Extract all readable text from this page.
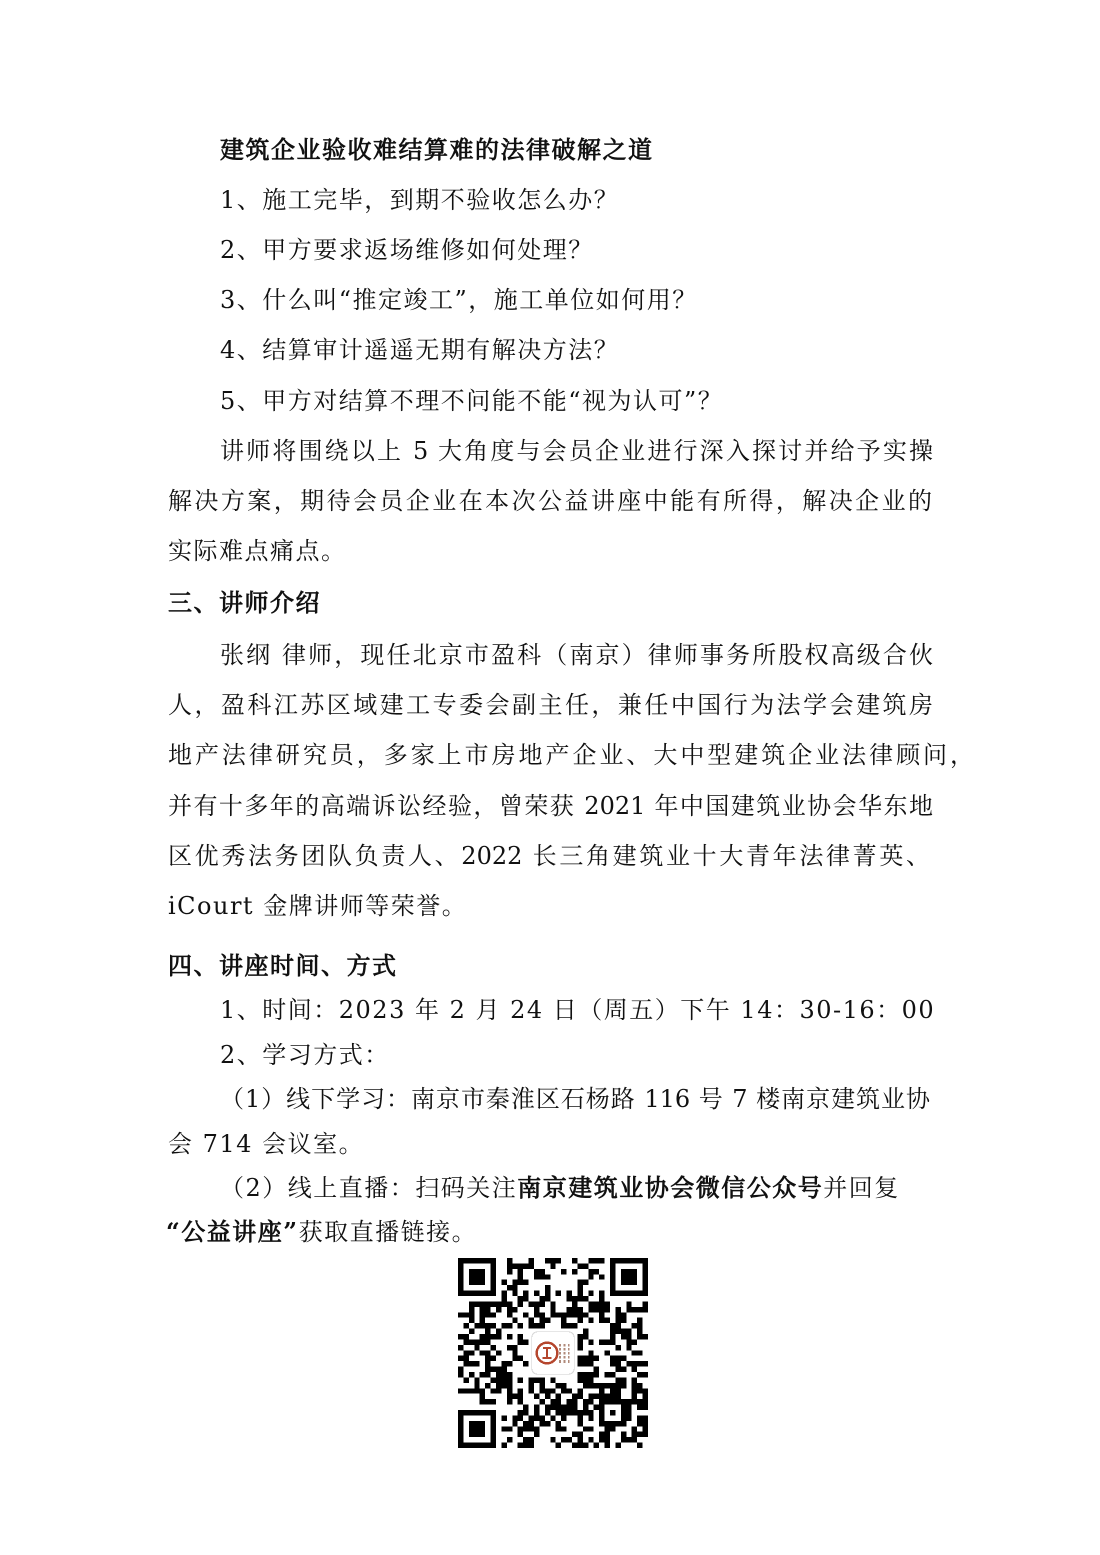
建筑企业验收难结算难的法律破解之道
1、施工完毕，到期不验收怎么办？
2、甲方要求返场维修如何处理？
3、什么叫“推定竣工”，施工单位如何用？
4、结算审计遥遥无期有解决方法？
5、甲方对结算不理不问能不能“视为认可”？
讲师将围绕以上 5 大角度与会员企业进行深入探讨并给予实操
解决方案，期待会员企业在本次公益讲座中能有所得，解决企业的
实际难点痛点。
三、讲师介绍
张纲 律师，现任北京市盈科（南京）律师事务所股权高级合伙
人，盈科江苏区域建工专委会副主任，兼任中国行为法学会建筑房
地产法律研究员，多家上市房地产企业、大中型建筑企业法律顾问，
并有十多年的高端诉讼经验，曾荣获 2021 年中国建筑业协会华东地
区优秀法务团队负责人、2022 长三角建筑业十大青年法律菁英、
iCourt 金牌讲师等荣誉。
四、讲座时间、方式
1、时间：2023 年 2 月 24 日（周五）下午 14：30-16：00
2、学习方式：
（1）线下学习：南京市秦淮区石杨路 116 号 7 楼南京建筑业协
会 714 会议室。
（2）线上直播：扫码关注南京建筑业协会微信公众号并回复
“公益讲座”获取直播链接。
